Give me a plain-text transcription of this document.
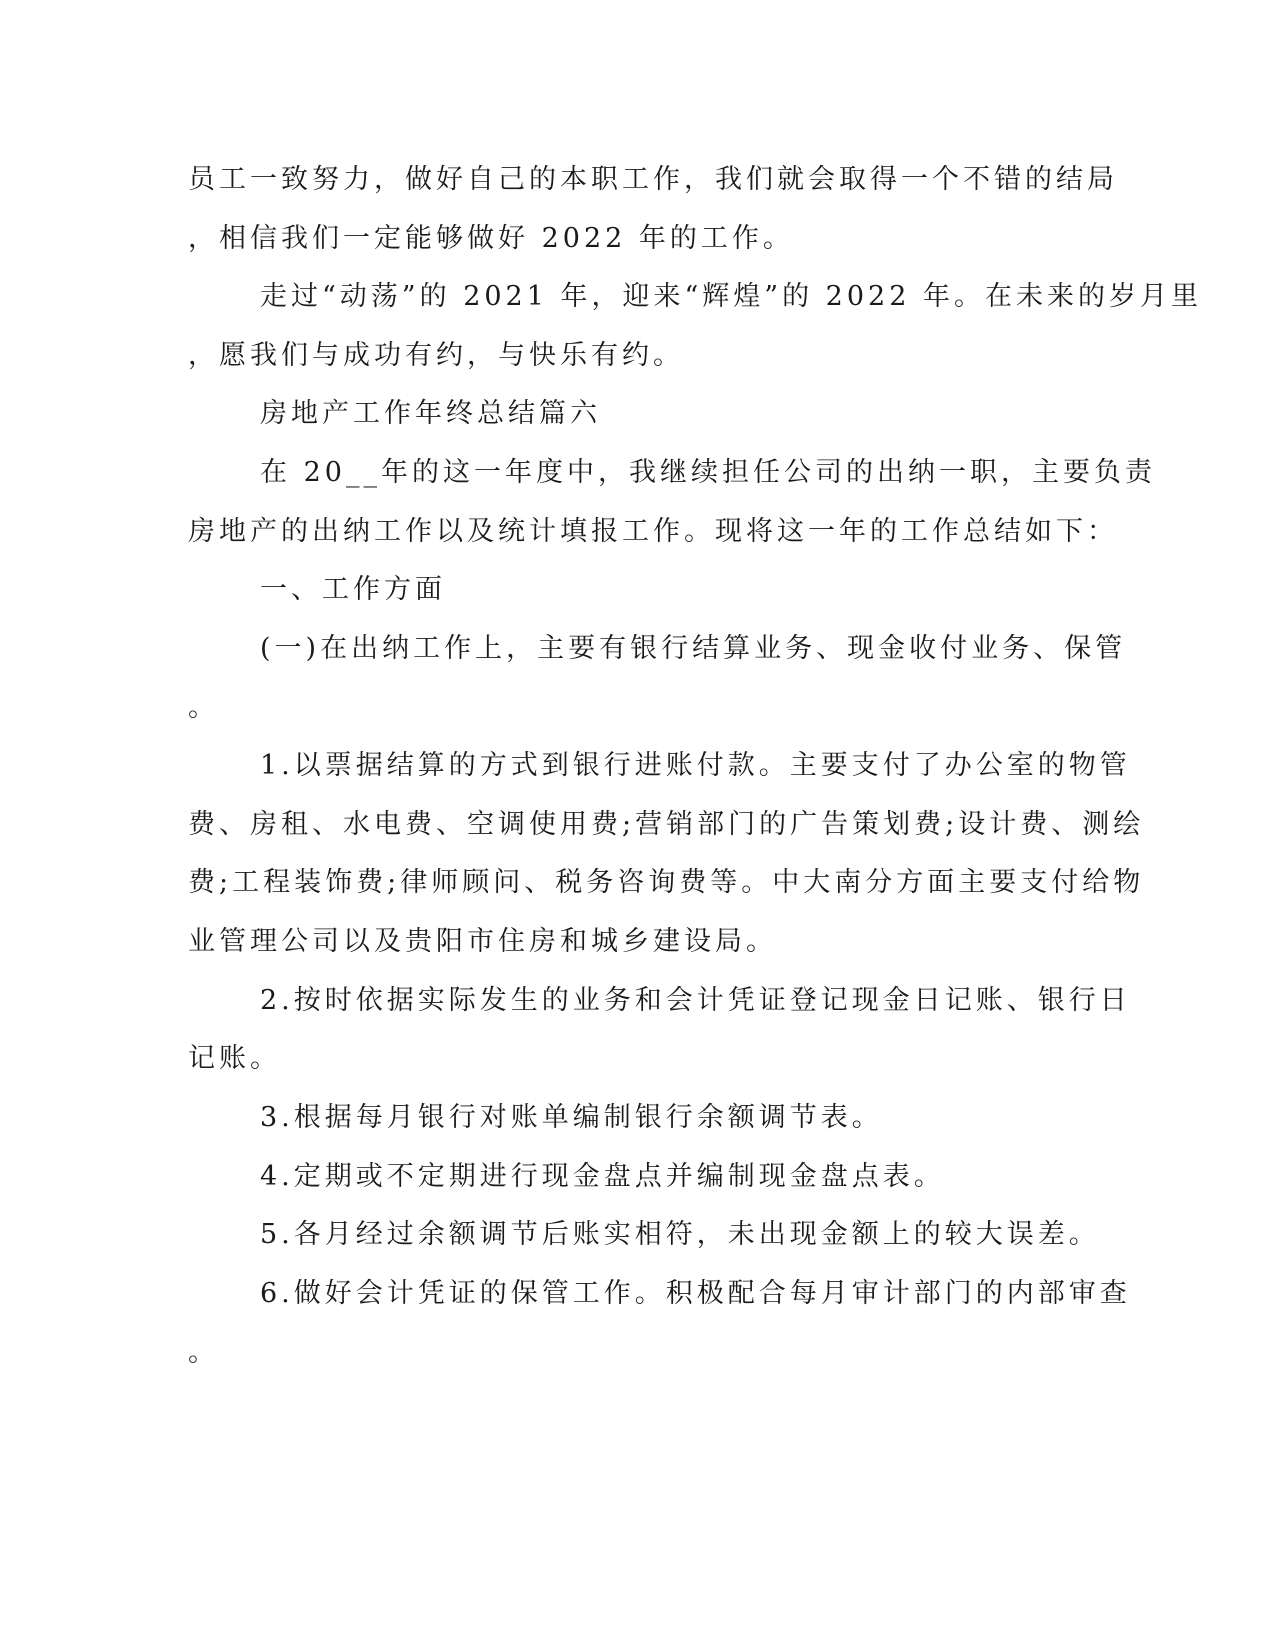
员工一致努力，做好自己的本职工作，我们就会取得一个不错的结局
，相信我们一定能够做好 2022 年的工作。
走过“动荡”的 2021 年，迎来“辉煌”的 2022 年。在未来的岁月里
，愿我们与成功有约，与快乐有约。
房地产工作年终总结篇六
在 20__年的这一年度中，我继续担任公司的出纳一职，主要负责
房地产的出纳工作以及统计填报工作。现将这一年的工作总结如下：
一、工作方面
(一)在出纳工作上，主要有银行结算业务、现金收付业务、保管
。
1.以票据结算的方式到银行进账付款。主要支付了办公室的物管
费、房租、水电费、空调使用费;营销部门的广告策划费;设计费、测绘
费;工程装饰费;律师顾问、税务咨询费等。中大南分方面主要支付给物
业管理公司以及贵阳市住房和城乡建设局。
2.按时依据实际发生的业务和会计凭证登记现金日记账、银行日
记账。
3.根据每月银行对账单编制银行余额调节表。
4.定期或不定期进行现金盘点并编制现金盘点表。
5.各月经过余额调节后账实相符，未出现金额上的较大误差。
6.做好会计凭证的保管工作。积极配合每月审计部门的内部审查
。
